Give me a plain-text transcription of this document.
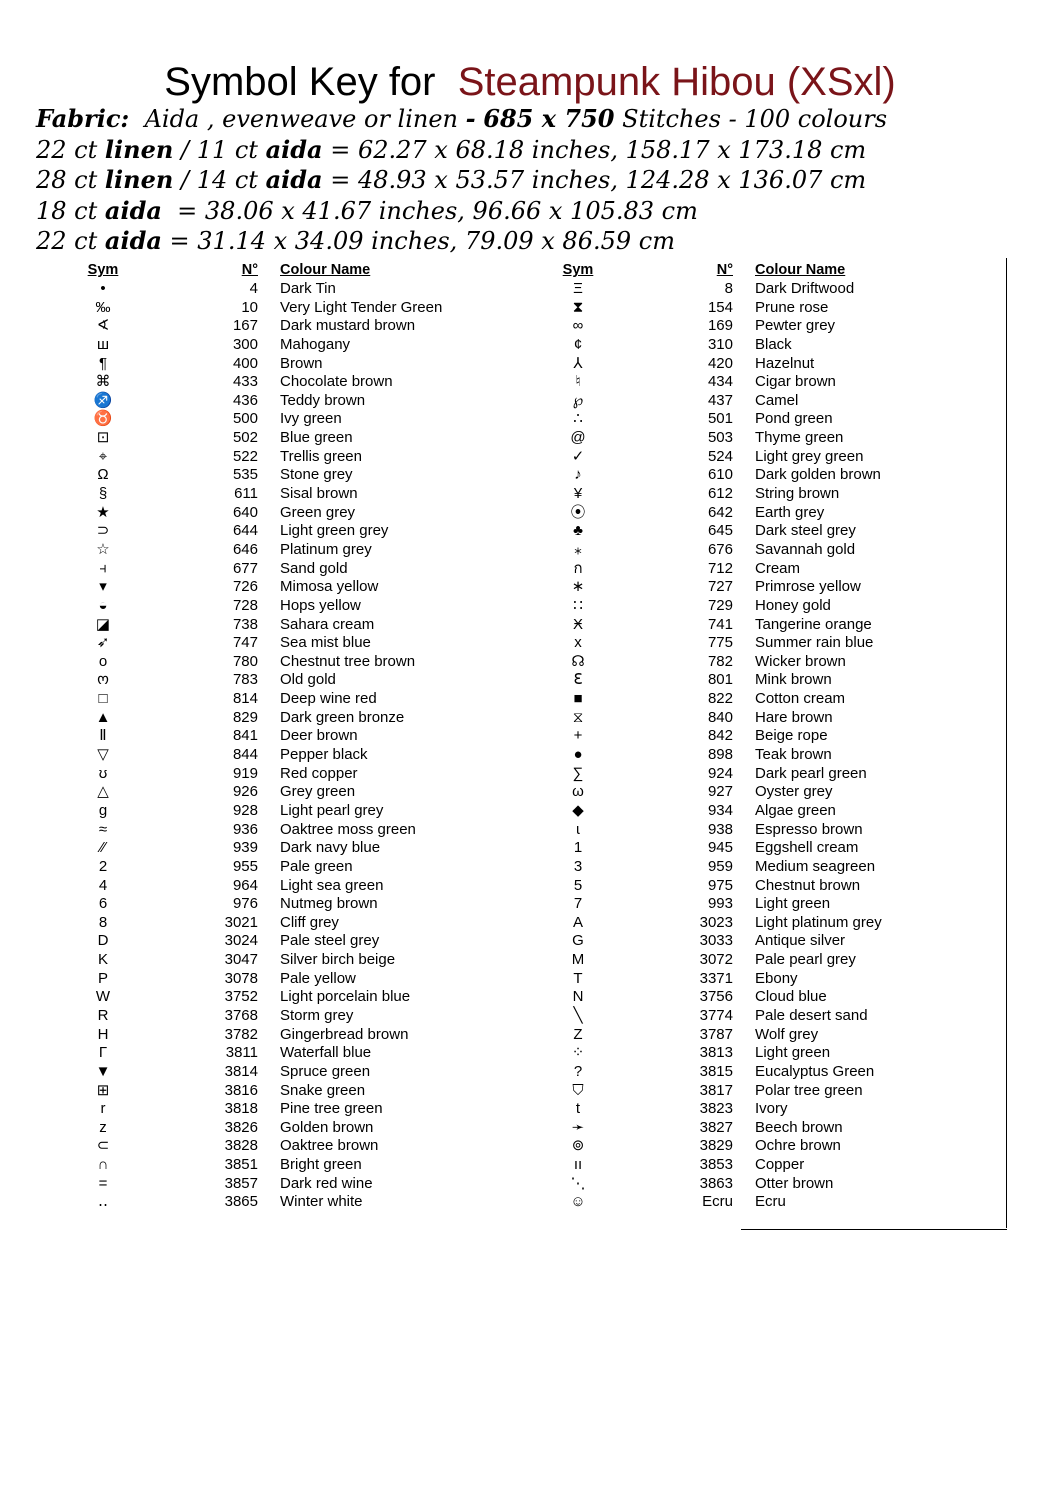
Symbol Key for Steampunk Hibou (XSxl)
Fabric: Aida , evenweave or linen - 685 x 750 Stitches - 100 colours
22 ct linen / 11 ct aida = 62.27 x 68.18 inches, 158.17 x 173.18 cm
28 ct linen / 14 ct aida = 48.93 x 53.57 inches, 124.28 x 136.07 cm
18 ct aida = 38.06 x 41.67 inches, 96.66 x 105.83 cm
22 ct aida = 31.14 x 34.09 inches, 79.09 x 86.59 cm
Sym	N° Colour Name
•	4 Dark Tin
‰	10 Very Light Tender Green
∢	167 Dark mustard brown
ш	300 Mahogany
¶	400 Brown
⌘	433 Chocolate brown
♐	436 Teddy brown
♉	500 Ivy green
⊡	502 Blue green
⌖	522 Trellis green
Ω	535 Stone grey
§	611 Sisal brown
★	640 Green grey
⊃	644 Light green grey
☆	646 Platinum grey
⫞	677 Sand gold
▾	726 Mimosa yellow
◒	728 Hops yellow
◪	738 Sahara cream
➶	747 Sea mist blue
o	780 Chestnut tree brown
ო	783 Old gold
□	814 Deep wine red
▲	829 Dark green bronze
Ⅱ	841 Deer brown
▽	844 Pepper black
ʊ	919 Red copper
△	926 Grey green
g	928 Light pearl grey
≈	936 Oaktree moss green
⁄⁄	939 Dark navy blue
2	955 Pale green
4	964 Light sea green
6	976 Nutmeg brown
8	3021 Cliff grey
D	3024 Pale steel grey
K	3047 Silver birch beige
P	3078 Pale yellow
W	3752 Light porcelain blue
R	3768 Storm grey
H	3782 Gingerbread brown
Γ	3811 Waterfall blue
▼	3814 Spruce green
⊞	3816 Snake green
r	3818 Pine tree green
z	3826 Golden brown
⊂	3828 Oaktree brown
∩	3851 Bright green
=	3857 Dark red wine
‥	3865 Winter white
Sym	N° Colour Name
Ξ	8 Dark Driftwood
⧗	154 Prune rose
∞	169 Pewter grey
¢	310 Black
⅄	420 Hazelnut
♮	434 Cigar brown
℘	437 Camel
∴	501 Pond green
@	503 Thyme green
✓	524 Light grey green
♪	610 Dark golden brown
¥	612 String brown
⦿	642 Earth grey
♣	645 Dark steel grey
⁎	676 Savannah gold
ก	712 Cream
∗	727 Primrose yellow
∷	729 Honey gold
Ӿ	741 Tangerine orange
x	775 Summer rain blue
☊	782 Wicker brown
ℇ	801 Mink brown
■	822 Cotton cream
⧖	840 Hare brown
+	842 Beige rope
●	898 Teak brown
∑	924 Dark pearl green
ω	927 Oyster grey
◆	934 Algae green
ɩ	938 Espresso brown
1	945 Eggshell cream
3	959 Medium seagreen
5	975 Chestnut brown
7	993 Light green
A	3023 Light platinum grey
G	3033 Antique silver
M	3072 Pale pearl grey
T	3371 Ebony
N	3756 Cloud blue
╲	3774 Pale desert sand
Z	3787 Wolf grey
⁘	3813 Light green
?	3815 Eucalyptus Green
⛉	3817 Polar tree green
t	3823 Ivory
➛	3827 Beech brown
⊚	3829 Ochre brown
ıı	3853 Copper
⋱	3863 Otter brown
☺	Ecru Ecru
